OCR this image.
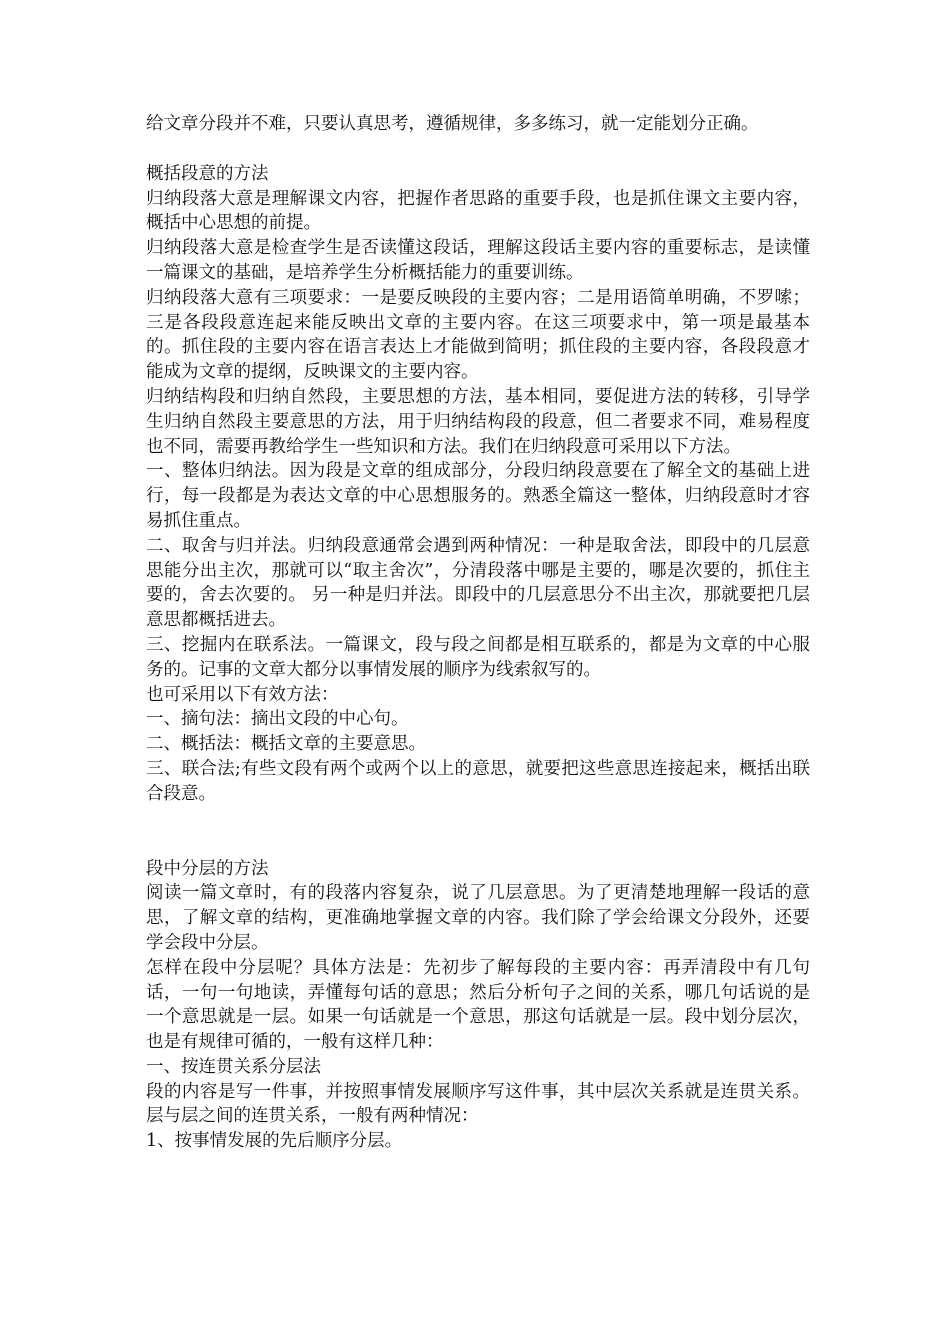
给文章分段并不难，只要认真思考，遵循规律，多多练习，就一定能划分正确。

概括段意的方法

归纳段落大意是理解课文内容，把握作者思路的重要手段，也是抓住课文主要内容，概括中心思想的前提。

归纳段落大意是检查学生是否读懂这段话，理解这段话主要内容的重要标志，是读懂一篇课文的基础，是培养学生分析概括能力的重要训练。

归纳段落大意有三项要求：一是要反映段的主要内容；二是用语简单明确，不罗嗦；三是各段段意连起来能反映出文章的主要内容。在这三项要求中，第一项是最基本的。抓住段的主要内容在语言表达上才能做到简明；抓住段的主要内容，各段段意才能成为文章的提纲，反映课文的主要内容。

归纳结构段和归纳自然段，主要思想的方法，基本相同，要促进方法的转移，引导学生归纳自然段主要意思的方法，用于归纳结构段的段意，但二者要求不同，难易程度也不同，需要再教给学生一些知识和方法。我们在归纳段意可采用以下方法。

一、整体归纳法。因为段是文章的组成部分，分段归纳段意要在了解全文的基础上进行，每一段都是为表达文章的中心思想服务的。熟悉全篇这一整体，归纳段意时才容易抓住重点。

二、取舍与归并法。归纳段意通常会遇到两种情况：一种是取舍法，即段中的几层意思能分出主次，那就可以“取主舍次”，分清段落中哪是主要的，哪是次要的，抓住主要的，舍去次要的。 另一种是归并法。即段中的几层意思分不出主次，那就要把几层意思都概括进去。

三、挖掘内在联系法。一篇课文，段与段之间都是相互联系的，都是为文章的中心服务的。记事的文章大都分以事情发展的顺序为线索叙写的。

也可采用以下有效方法：

一、摘句法：摘出文段的中心句。

二、概括法：概括文章的主要意思。

三、联合法;有些文段有两个或两个以上的意思，就要把这些意思连接起来，概括出联合段意。

段中分层的方法

阅读一篇文章时，有的段落内容复杂，说了几层意思。为了更清楚地理解一段话的意思，了解文章的结构，更准确地掌握文章的内容。我们除了学会给课文分段外，还要学会段中分层。

怎样在段中分层呢？具体方法是：先初步了解每段的主要内容：再弄清段中有几句话，一句一句地读，弄懂每句话的意思；然后分析句子之间的关系，哪几句话说的是一个意思就是一层。如果一句话就是一个意思，那这句话就是一层。段中划分层次，也是有规律可循的，一般有这样几种：

一、按连贯关系分层法

段的内容是写一件事，并按照事情发展顺序写这件事，其中层次关系就是连贯关系。层与层之间的连贯关系，一般有两种情况：

1、按事情发展的先后顺序分层。
